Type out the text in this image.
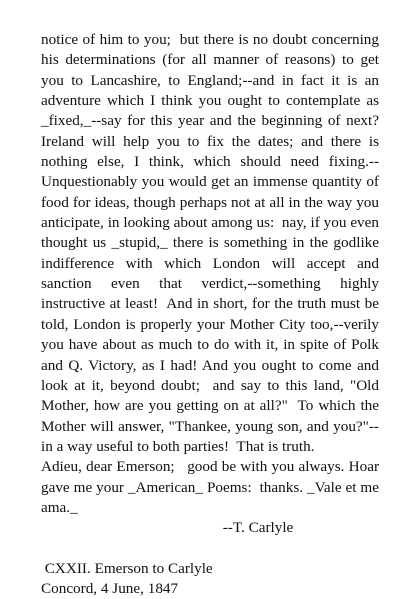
notice of him to you;  but there is no doubt concerning his determinations (for all manner of reasons) to get you to Lancashire, to England;--and in fact it is an adventure which I think you ought to contemplate as _fixed,_--say for this year and the beginning of next? Ireland will help you to fix the dates; and there is nothing else, I think, which should need fixing.--Unquestionably you would get an immense quantity of food for ideas, though perhaps not at all in the way you anticipate, in looking about among us:  nay, if you even thought us _stupid,_ there is something in the godlike indifference with which London will accept and sanction even that verdict,--something highly instructive at least!  And in short, for the truth must be told, London is properly your Mother City too,--verily you have about as much to do with it, in spite of Polk and Q. Victory, as I had! And you ought to come and look at it, beyond doubt;  and say to this land, "Old Mother, how are you getting on at all?"  To which the Mother will answer, "Thankee, young son, and you?"--in a way useful to both parties!  That is truth.

Adieu, dear Emerson;   good be with you always. Hoar gave me your _American_ Poems:  thanks. _Vale et me ama._

--T. Carlyle

CXXII. Emerson to Carlyle

Concord, 4 June, 1847
